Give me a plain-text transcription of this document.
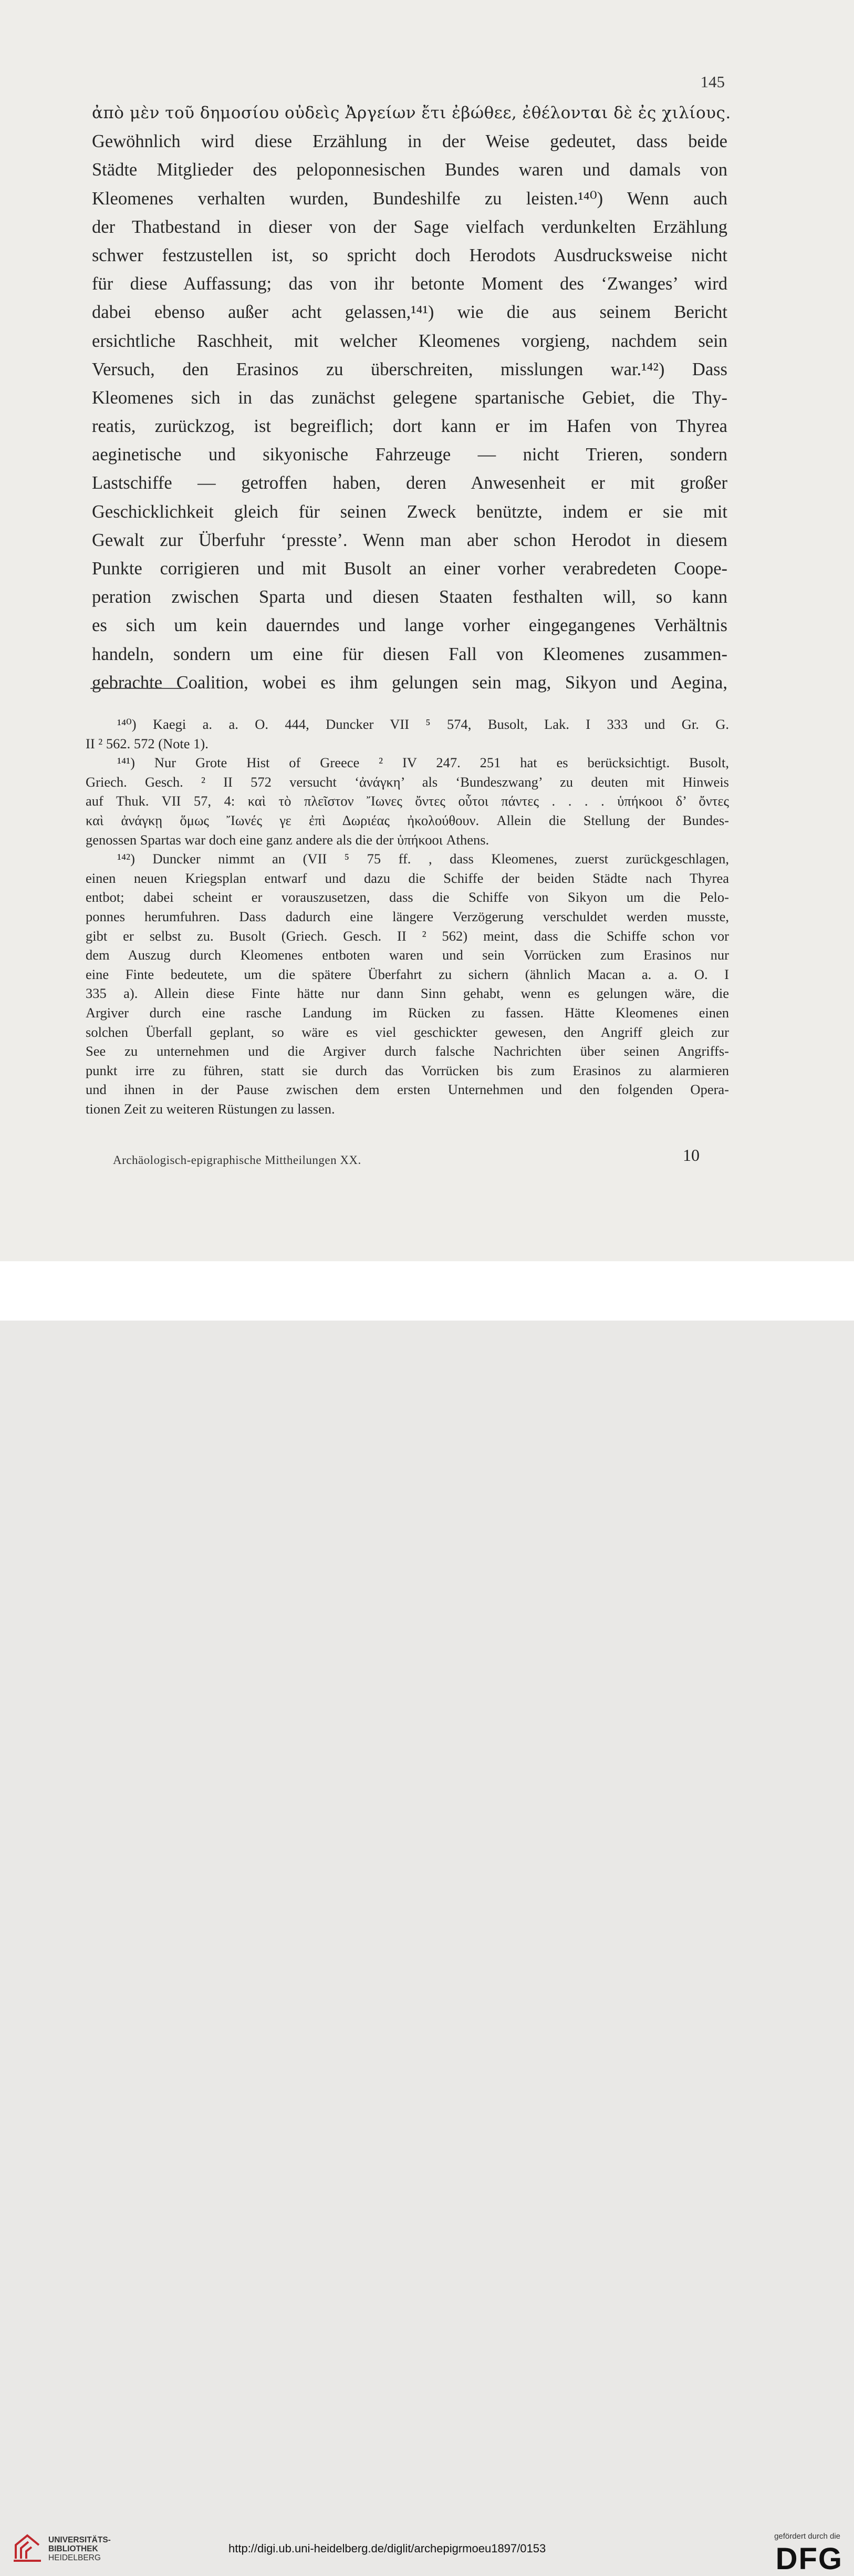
145
ἀπὸ μὲν τοῦ δημοσίου οὐδεὶς Ἀργείων ἔτι ἐβώθεε, ἐθέλονται δὲ ἐς χιλίους.
Gewöhnlich wird diese Erzählung in der Weise gedeutet, dass beide
Städte Mitglieder des peloponnesischen Bundes waren und damals von
Kleomenes verhalten wurden, Bundeshilfe zu leisten.¹⁴⁰) Wenn auch
der Thatbestand in dieser von der Sage vielfach verdunkelten Erzählung
schwer festzustellen ist, so spricht doch Herodots Ausdrucksweise nicht
für diese Auffassung; das von ihr betonte Moment des ‘Zwanges’ wird
dabei ebenso außer acht gelassen,¹⁴¹) wie die aus seinem Bericht
ersichtliche Raschheit, mit welcher Kleomenes vorgieng, nachdem sein
Versuch, den Erasinos zu überschreiten, misslungen war.¹⁴²) Dass
Kleomenes sich in das zunächst gelegene spartanische Gebiet, die Thy-
reatis, zurückzog, ist begreiflich; dort kann er im Hafen von Thyrea
aeginetische und sikyonische Fahrzeuge — nicht Trieren, sondern
Lastschiffe — getroffen haben, deren Anwesenheit er mit großer
Geschicklichkeit gleich für seinen Zweck benützte, indem er sie mit
Gewalt zur Überfuhr ‘presste’. Wenn man aber schon Herodot in diesem
Punkte corrigieren und mit Busolt an einer vorher verabredeten Coope-
peration zwischen Sparta und diesen Staaten festhalten will, so kann
es sich um kein dauerndes und lange vorher eingegangenes Verhältnis
handeln, sondern um eine für diesen Fall von Kleomenes zusammen-
gebrachte Coalition, wobei es ihm gelungen sein mag, Sikyon und Aegina,
¹⁴⁰) Kaegi a. a. O. 444, Duncker VII ⁵ 574, Busolt, Lak. I 333 und Gr. G.
II ² 562. 572 (Note 1).
¹⁴¹) Nur Grote Hist of Greece ² IV 247. 251 hat es berücksichtigt. Busolt,
Griech. Gesch. ² II 572 versucht ‘ἀνάγκη’ als ‘Bundeszwang’ zu deuten mit Hinweis
auf Thuk. VII 57, 4: καὶ τὸ πλεῖστον Ἴωνες ὄντες οὗτοι πάντες . . . . ὑπήκοοι δ’ ὄντες
καὶ ἀνάγκῃ ὅμως Ἴωνές γε ἐπὶ Δωριέας ἠκολούθουν. Allein die Stellung der Bundes-
genossen Spartas war doch eine ganz andere als die der ὑπήκοοι Athens.
¹⁴²) Duncker nimmt an (VII ⁵ 75 ff. , dass Kleomenes, zuerst zurückgeschlagen,
einen neuen Kriegsplan entwarf und dazu die Schiffe der beiden Städte nach Thyrea
entbot; dabei scheint er vorauszusetzen, dass die Schiffe von Sikyon um die Pelo-
ponnes herumfuhren. Dass dadurch eine längere Verzögerung verschuldet werden musste,
gibt er selbst zu. Busolt (Griech. Gesch. II ² 562) meint, dass die Schiffe schon vor
dem Auszug durch Kleomenes entboten waren und sein Vorrücken zum Erasinos nur
eine Finte bedeutete, um die spätere Überfahrt zu sichern (ähnlich Macan a. a. O. I
335 a). Allein diese Finte hätte nur dann Sinn gehabt, wenn es gelungen wäre, die
Argiver durch eine rasche Landung im Rücken zu fassen. Hätte Kleomenes einen
solchen Überfall geplant, so wäre es viel geschickter gewesen, den Angriff gleich zur
See zu unternehmen und die Argiver durch falsche Nachrichten über seinen Angriffs-
punkt irre zu führen, statt sie durch das Vorrücken bis zum Erasinos zu alarmieren
und ihnen in der Pause zwischen dem ersten Unternehmen und den folgenden Opera-
tionen Zeit zu weiteren Rüstungen zu lassen.
Archäologisch-epigraphische Mittheilungen XX.	10
UNIVERSITÄTS-
BIBLIOTHEK
HEIDELBERG
http://digi.ub.uni-heidelberg.de/diglit/archepigrmoeu1897/0153
gefördert durch die
DFG
